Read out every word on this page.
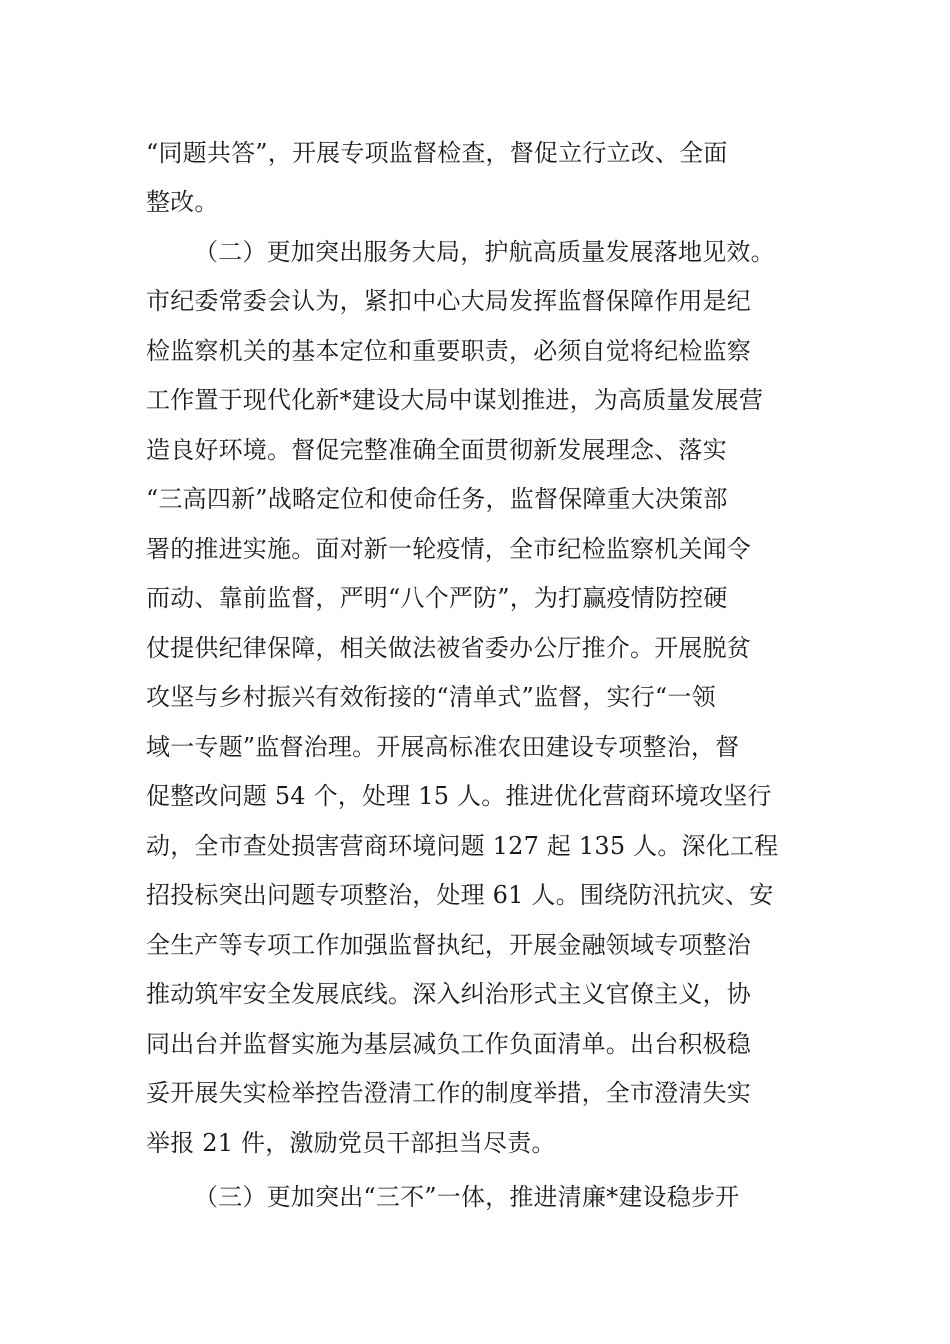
“同题共答”，开展专项监督检查，督促立行立改、全面
整改。
（二）更加突出服务大局，护航高质量发展落地见效。
市纪委常委会认为，紧扣中心大局发挥监督保障作用是纪
检监察机关的基本定位和重要职责，必须自觉将纪检监察
工作置于现代化新*建设大局中谋划推进，为高质量发展营
造良好环境。督促完整准确全面贯彻新发展理念、落实
“三高四新”战略定位和使命任务，监督保障重大决策部
署的推进实施。面对新一轮疫情，全市纪检监察机关闻令
而动、靠前监督，严明“八个严防”，为打赢疫情防控硬
仗提供纪律保障，相关做法被省委办公厅推介。开展脱贫
攻坚与乡村振兴有效衔接的“清单式”监督，实行“一领
域一专题”监督治理。开展高标准农田建设专项整治，督
促整改问题 54 个，处理 15 人。推进优化营商环境攻坚行
动，全市查处损害营商环境问题 127 起 135 人。深化工程
招投标突出问题专项整治，处理 61 人。围绕防汛抗灾、安
全生产等专项工作加强监督执纪，开展金融领域专项整治
推动筑牢安全发展底线。深入纠治形式主义官僚主义，协
同出台并监督实施为基层减负工作负面清单。出台积极稳
妥开展失实检举控告澄清工作的制度举措，全市澄清失实
举报 21 件，激励党员干部担当尽责。
（三）更加突出“三不”一体，推进清廉*建设稳步开
